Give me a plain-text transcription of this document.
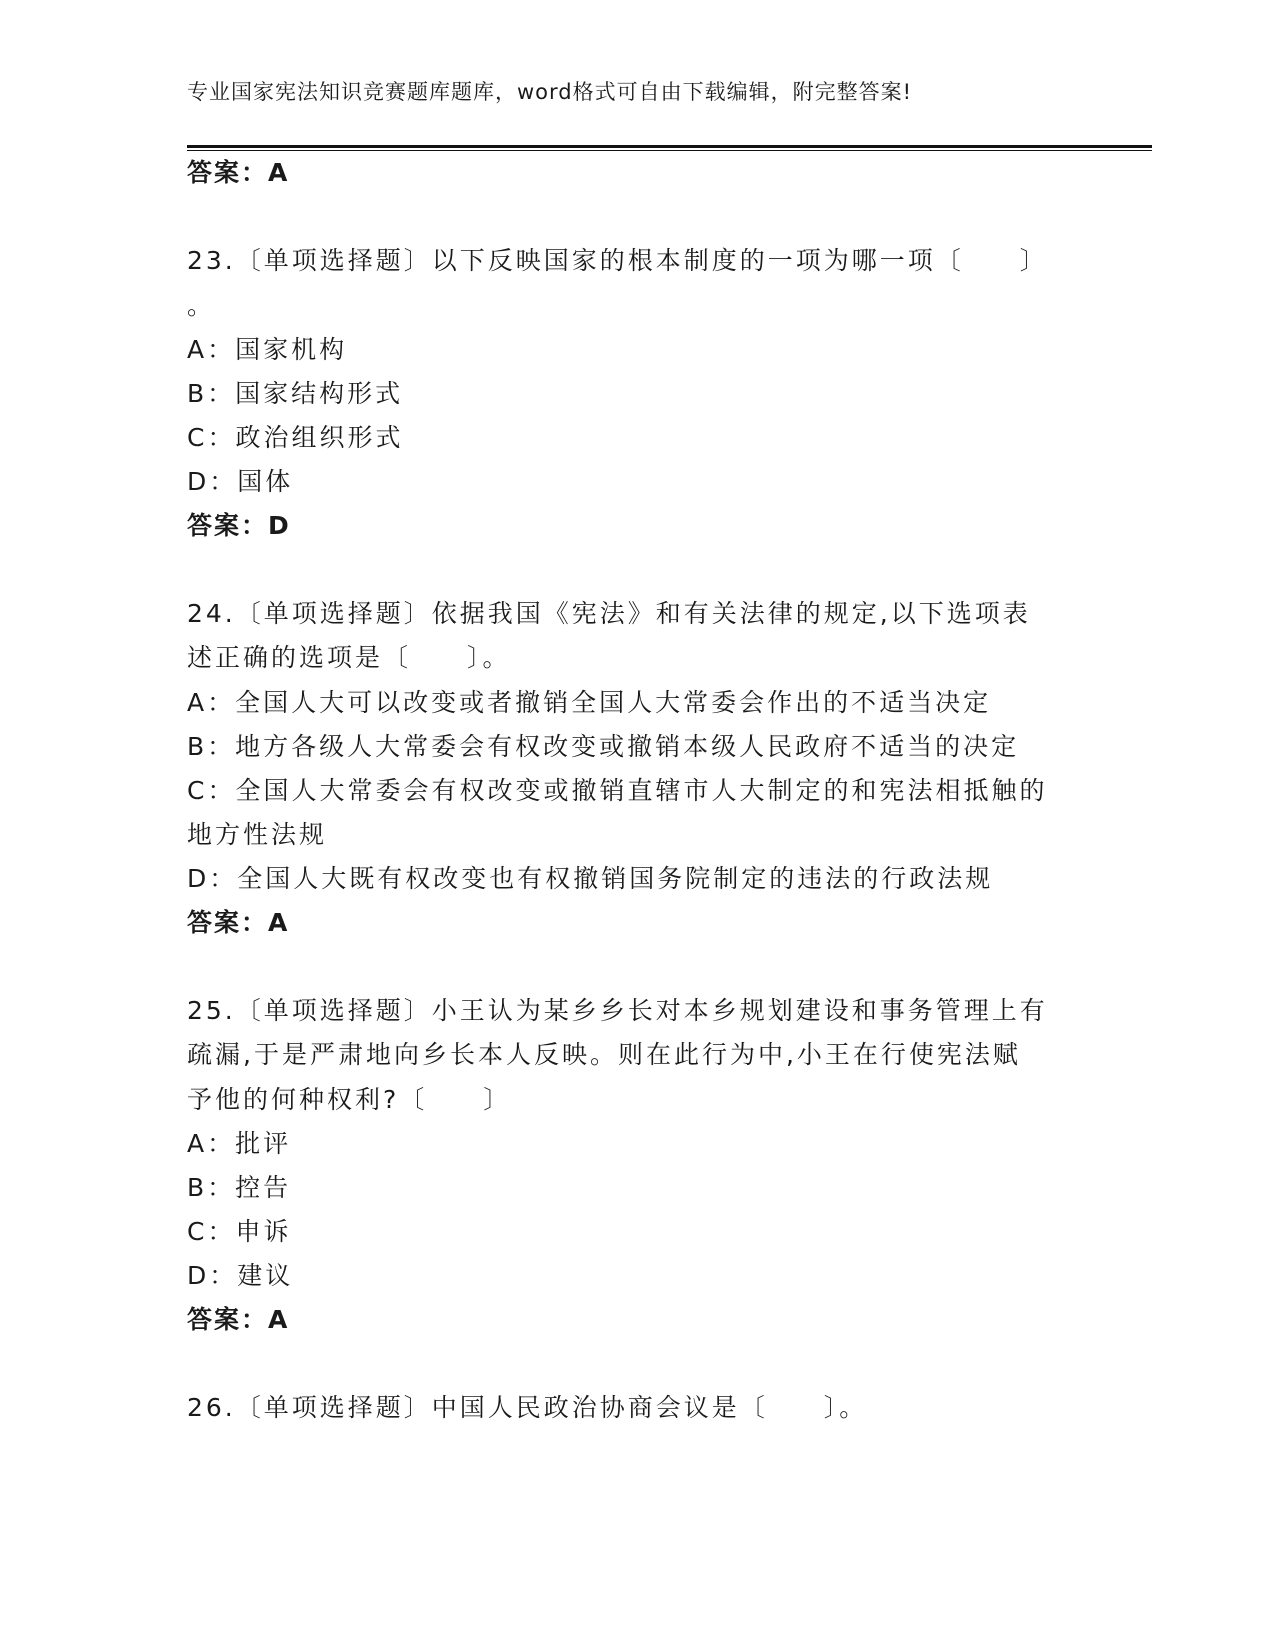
专业国家宪法知识竞赛题库题库，word格式可自由下载编辑，附完整答案!
答案：A
23.〔单项选择题〕以下反映国家的根本制度的一项为哪一项〔　　〕
。
A：国家机构
B：国家结构形式
C：政治组织形式
D：国体
答案：D
24.〔单项选择题〕依据我国《宪法》和有关法律的规定,以下选项表
述正确的选项是〔　　〕。
A：全国人大可以改变或者撤销全国人大常委会作出的不适当决定
B：地方各级人大常委会有权改变或撤销本级人民政府不适当的决定
C：全国人大常委会有权改变或撤销直辖市人大制定的和宪法相抵触的
地方性法规
D：全国人大既有权改变也有权撤销国务院制定的违法的行政法规
答案：A
25.〔单项选择题〕小王认为某乡乡长对本乡规划建设和事务管理上有
疏漏,于是严肃地向乡长本人反映。则在此行为中,小王在行使宪法赋
予他的何种权利?〔　　〕
A：批评
B：控告
C：申诉
D：建议
答案：A
26.〔单项选择题〕中国人民政治协商会议是〔　　〕。
